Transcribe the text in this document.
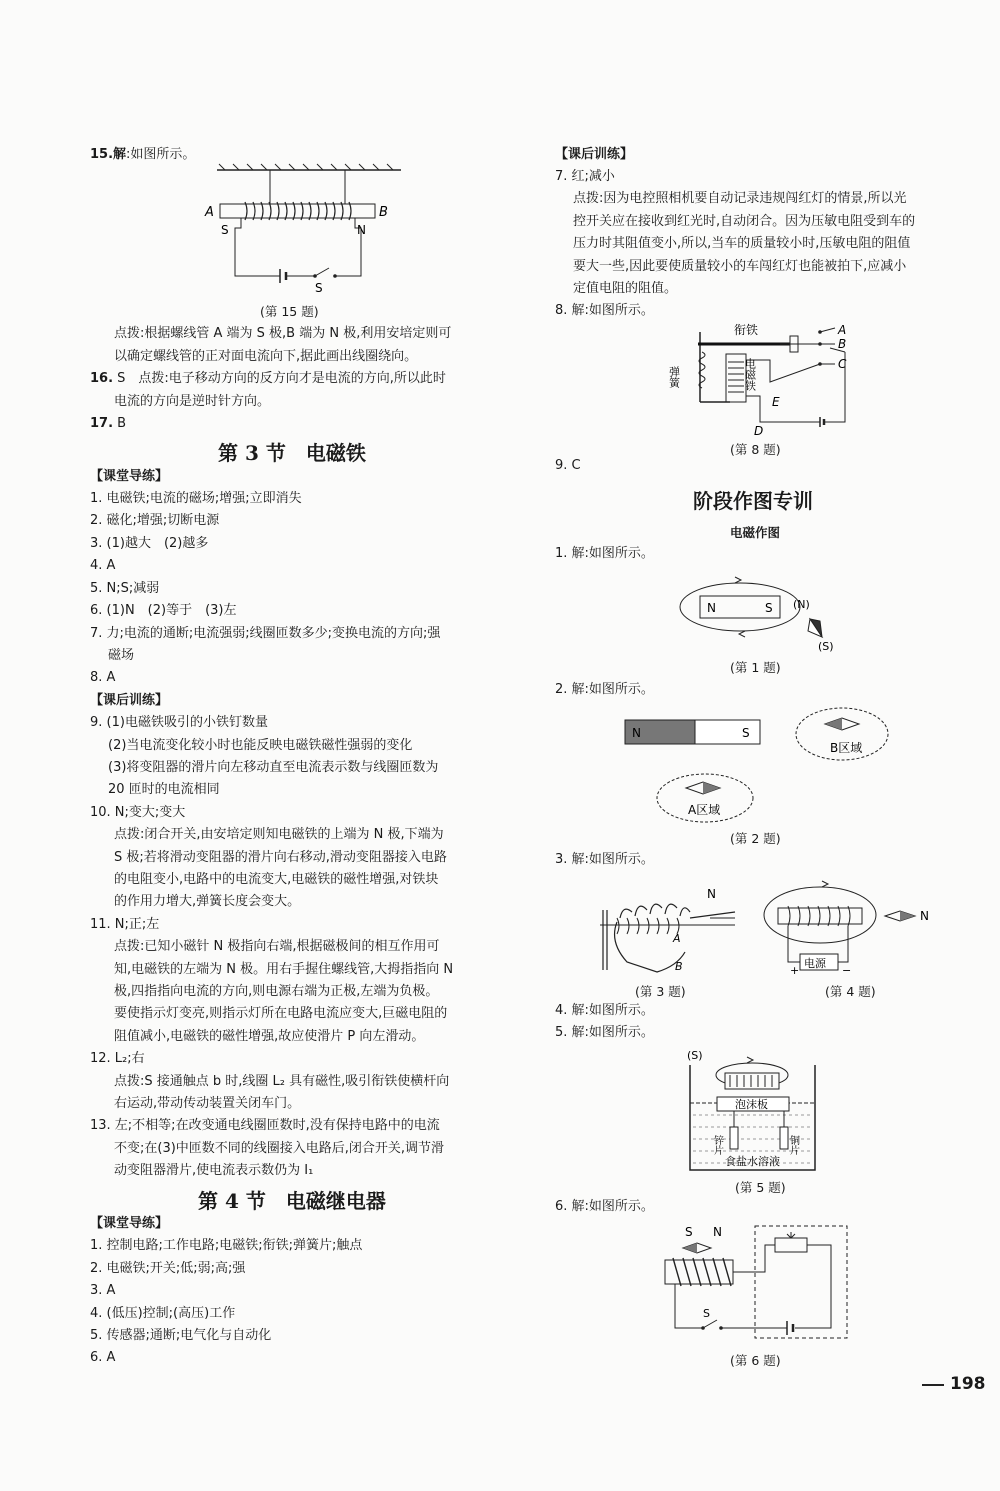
15.解:如图所示。
A	B
S	N
S
(第 15 题)
点拨:根据螺线管 A 端为 S 极,B 端为 N 极,利用安培定则可
以确定螺线管的正对面电流向下,据此画出线圈绕向。
16. S　点拨:电子移动方向的反方向才是电流的方向,所以此时
电流的方向是逆时针方向。
17. B
第 3 节　电磁铁
【课堂导练】
1. 电磁铁;电流的磁场;增强;立即消失
2. 磁化;增强;切断电源
3. (1)越大　(2)越多
4. A
5. N;S;减弱
6. (1)N　(2)等于　(3)左
7. 力;电流的通断;电流强弱;线圈匝数多少;变换电流的方向;强
磁场
8. A
【课后训练】
9. (1)电磁铁吸引的小铁钉数量
(2)当电流变化较小时也能反映电磁铁磁性强弱的变化
(3)将变阻器的滑片向左移动直至电流表示数与线圈匝数为
20 匝时的电流相同
10. N;变大;变大
点拨:闭合开关,由安培定则知电磁铁的上端为 N 极,下端为
S 极;若将滑动变阻器的滑片向右移动,滑动变阻器接入电路
的电阻变小,电路中的电流变大,电磁铁的磁性增强,对铁块
的作用力增大,弹簧长度会变大。
11. N;正;左
点拨:已知小磁针 N 极指向右端,根据磁极间的相互作用可
知,电磁铁的左端为 N 极。用右手握住螺线管,大拇指指向 N
极,四指指向电流的方向,则电源右端为正极,左端为负极。
要使指示灯变亮,则指示灯所在电路电流应变大,巨磁电阻的
阻值减小,电磁铁的磁性增强,故应使滑片 P 向左滑动。
12. L₂;右
点拨:S 接通触点 b 时,线圈 L₂ 具有磁性,吸引衔铁使横杆向
右运动,带动传动装置关闭车门。
13. 左;不相等;在改变通电线圈匝数时,没有保持电路中的电流
不变;在(3)中匝数不同的线圈接入电路后,闭合开关,调节滑
动变阻器滑片,使电流表示数仍为 I₁
第 4 节　电磁继电器
【课堂导练】
1. 控制电路;工作电路;电磁铁;衔铁;弹簧片;触点
2. 电磁铁;开关;低;弱;高;强
3. A
4. (低压)控制;(高压)工作
5. 传感器;通断;电气化与自动化
6. A
【课后训练】
7. 红;减小
点拨:因为电控照相机要自动记录违规闯红灯的情景,所以光
控开关应在接收到红光时,自动闭合。因为压敏电阻受到车的
压力时其阻值变小,所以,当车的质量较小时,压敏电阻的阻值
要大一些,因此要使质量较小的车闯红灯也能被拍下,应减小
定值电阻的阻值。
8. 解:如图所示。
衔铁
弹簧	电磁铁
A
B
C
D
E
(第 8 题)
9. C
阶段作图专训
电磁作图
1. 解:如图所示。
N	S (N)
(S)
(第 1 题)
2. 解:如图所示。
N	S
B区域
A区域
(第 2 题)
3. 解:如图所示。
N
A
B	电源
+	−
N
(第 3 题)	(第 4 题)
4. 解:如图所示。
5. 解:如图所示。
泡沫板
锌片	铜片
食盐水溶液
(S)
(第 5 题)
6. 解:如图所示。
S N
S
(第 6 题)
198
